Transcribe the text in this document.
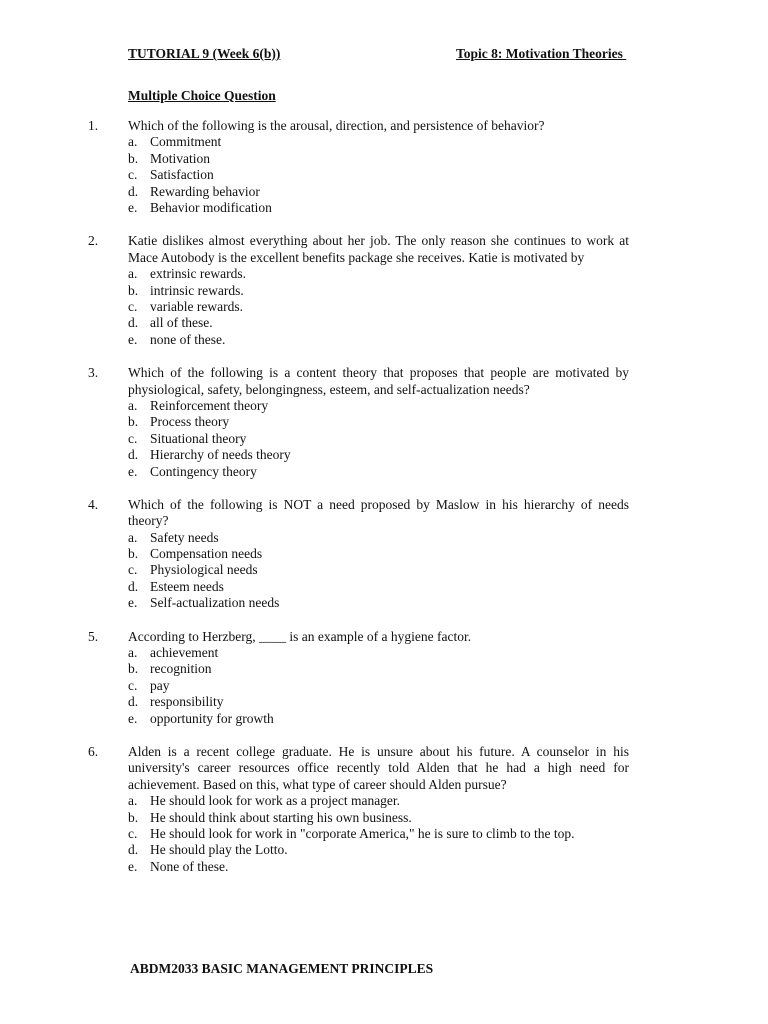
TUTORIAL 9 (Week 6(b))	Topic 8: Motivation Theories
Multiple Choice Question
1.	Which of the following is the arousal, direction, and persistence of behavior?
a. Commitment
b. Motivation
c. Satisfaction
d. Rewarding behavior
e. Behavior modification
2.	Katie dislikes almost everything about her job. The only reason she continues to work at Mace Autobody is the excellent benefits package she receives. Katie is motivated by
a. extrinsic rewards.
b. intrinsic rewards.
c. variable rewards.
d. all of these.
e. none of these.
3.	Which of the following is a content theory that proposes that people are motivated by physiological, safety, belongingness, esteem, and self-actualization needs?
a. Reinforcement theory
b. Process theory
c. Situational theory
d. Hierarchy of needs theory
e. Contingency theory
4.	Which of the following is NOT a need proposed by Maslow in his hierarchy of needs theory?
a. Safety needs
b. Compensation needs
c. Physiological needs
d. Esteem needs
e. Self-actualization needs
5.	According to Herzberg, ____ is an example of a hygiene factor.
a. achievement
b. recognition
c. pay
d. responsibility
e. opportunity for growth
6.	Alden is a recent college graduate. He is unsure about his future. A counselor in his university's career resources office recently told Alden that he had a high need for achievement. Based on this, what type of career should Alden pursue?
a. He should look for work as a project manager.
b. He should think about starting his own business.
c. He should look for work in "corporate America," he is sure to climb to the top.
d. He should play the Lotto.
e. None of these.
ABDM2033 BASIC MANAGEMENT PRINCIPLES
